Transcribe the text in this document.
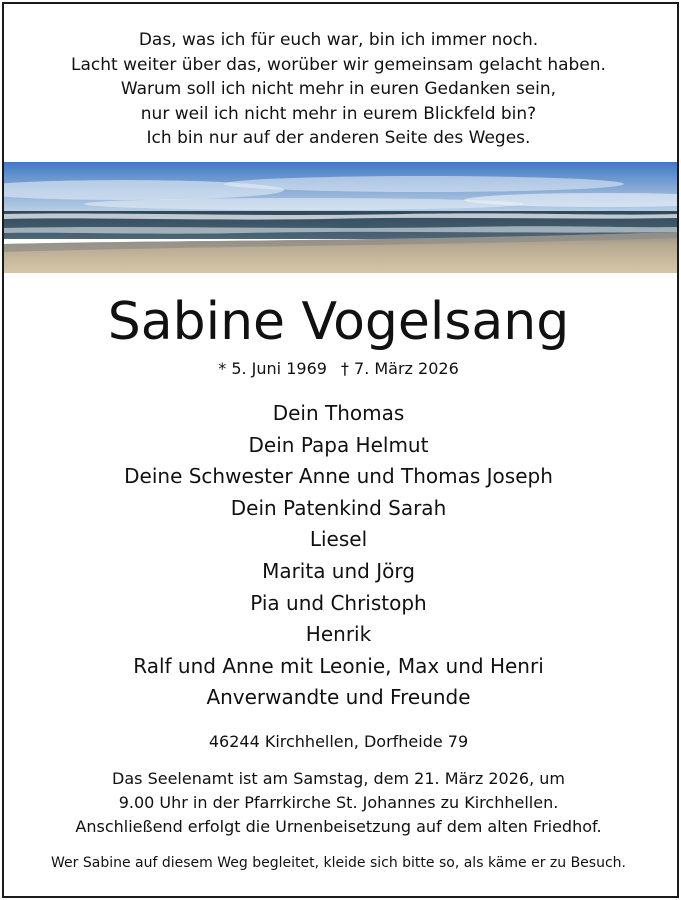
Das, was ich für euch war, bin ich immer noch.
Lacht weiter über das, worüber wir gemeinsam gelacht haben.
Warum soll ich nicht mehr in euren Gedanken sein,
nur weil ich nicht mehr in eurem Blickfeld bin?
Ich bin nur auf der anderen Seite des Weges.
Sabine Vogelsang
* 5. Juni 1969 † 7. März 2026
Dein Thomas
Dein Papa Helmut
Deine Schwester Anne und Thomas Joseph
Dein Patenkind Sarah
Liesel
Marita und Jörg
Pia und Christoph
Henrik
Ralf und Anne mit Leonie, Max und Henri
Anverwandte und Freunde
46244 Kirchhellen, Dorfheide 79
Das Seelenamt ist am Samstag, dem 21. März 2026, um
9.00 Uhr in der Pfarrkirche St. Johannes zu Kirchhellen.
Anschließend erfolgt die Urnenbeisetzung auf dem alten Friedhof.
Wer Sabine auf diesem Weg begleitet, kleide sich bitte so, als käme er zu Besuch.
